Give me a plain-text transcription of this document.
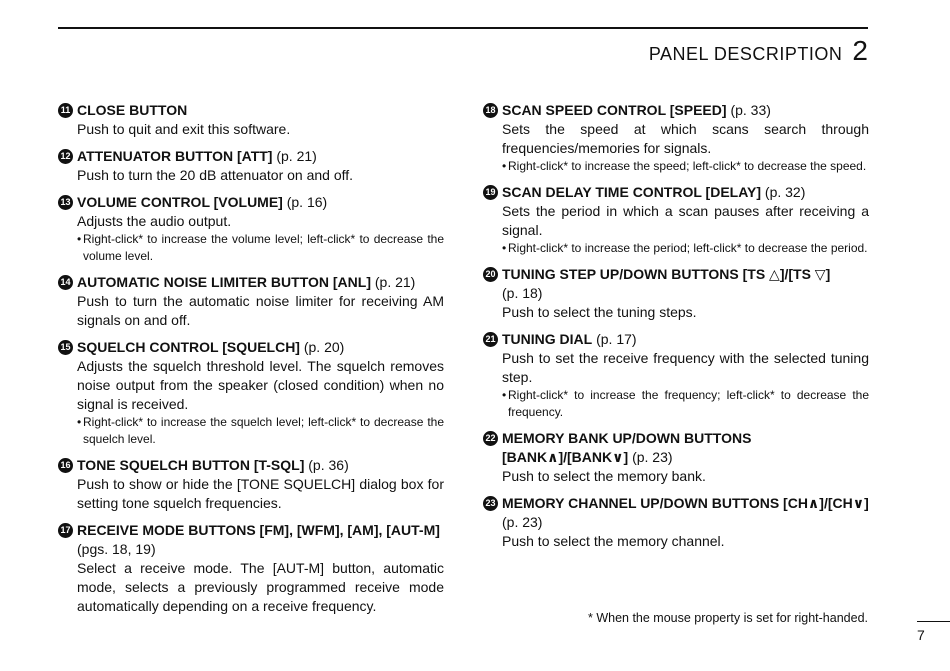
PANEL DESCRIPTION 2
11 CLOSE BUTTON
Push to quit and exit this software.
12 ATTENUATOR BUTTON [ATT] (p. 21)
Push to turn the 20 dB attenuator on and off.
13 VOLUME CONTROL [VOLUME] (p. 16)
Adjusts the audio output.
• Right-click* to increase the volume level; left-click* to decrease the volume level.
14 AUTOMATIC NOISE LIMITER BUTTON [ANL] (p. 21)
Push to turn the automatic noise limiter for receiving AM signals on and off.
15 SQUELCH CONTROL [SQUELCH] (p. 20)
Adjusts the squelch threshold level. The squelch removes noise output from the speaker (closed condition) when no signal is received.
• Right-click* to increase the squelch level; left-click* to decrease the squelch level.
16 TONE SQUELCH BUTTON [T-SQL] (p. 36)
Push to show or hide the [TONE SQUELCH] dialog box for setting tone squelch frequencies.
17 RECEIVE MODE BUTTONS [FM], [WFM], [AM], [AUT-M]
(pgs. 18, 19)
Select a receive mode. The [AUT-M] button, automatic mode, selects a previously programmed receive mode automatically depending on a receive frequency.
18 SCAN SPEED CONTROL [SPEED] (p. 33)
Sets the speed at which scans search through frequencies/memories for signals.
• Right-click* to increase the speed; left-click* to decrease the speed.
19 SCAN DELAY TIME CONTROL [DELAY] (p. 32)
Sets the period in which a scan pauses after receiving a signal.
• Right-click* to increase the period; left-click* to decrease the period.
20 TUNING STEP UP/DOWN BUTTONS [TS △]/[TS ▽]
(p. 18)
Push to select the tuning steps.
21 TUNING DIAL (p. 17)
Push to set the receive frequency with the selected tuning step.
• Right-click* to increase the frequency; left-click* to decrease the frequency.
22 MEMORY BANK UP/DOWN BUTTONS [BANK∧]/[BANK∨] (p. 23)
Push to select the memory bank.
23 MEMORY CHANNEL UP/DOWN BUTTONS [CH∧]/[CH∨] (p. 23)
Push to select the memory channel.
* When the mouse property is set for right-handed.
7
